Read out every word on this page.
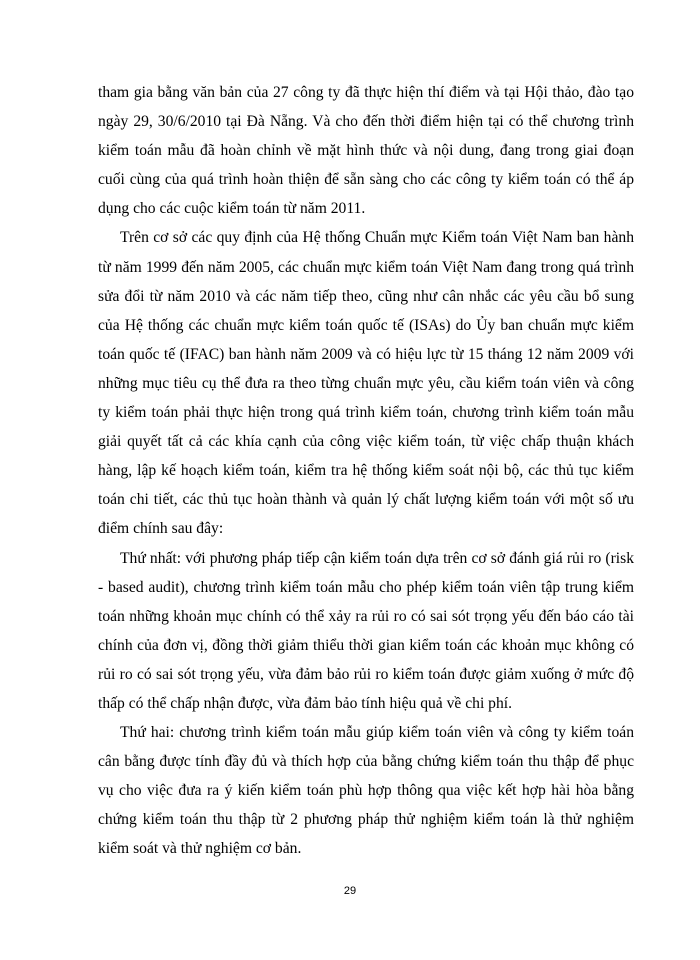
tham gia bằng văn bản của 27 công ty đã thực hiện thí điểm và tại Hội thảo, đào tạo ngày 29, 30/6/2010 tại Đà Nẵng. Và cho đến thời điểm hiện tại có thể chương trình kiểm toán mẫu đã hoàn chỉnh về mặt hình thức và nội dung, đang trong giai đoạn cuối cùng của quá trình hoàn thiện để sẵn sàng cho các công ty kiểm toán có thể áp dụng cho các cuộc kiểm toán từ năm 2011.

Trên cơ sở các quy định của Hệ thống Chuẩn mực Kiểm toán Việt Nam ban hành từ năm 1999 đến năm 2005, các chuẩn mực kiểm toán Việt Nam đang trong quá trình sửa đổi từ năm 2010 và các năm tiếp theo, cũng như cân nhắc các yêu cầu bổ sung của Hệ thống các chuẩn mực kiểm toán quốc tế (ISAs) do Ủy ban chuẩn mực kiểm toán quốc tế (IFAC) ban hành năm 2009 và có hiệu lực từ 15 tháng 12 năm 2009 với những mục tiêu cụ thể đưa ra theo từng chuẩn mực yêu, cầu kiểm toán viên và công ty kiểm toán phải thực hiện trong quá trình kiểm toán, chương trình kiểm toán mẫu giải quyết tất cả các khía cạnh của công việc kiểm toán, từ việc chấp thuận khách hàng, lập kế hoạch kiểm toán, kiểm tra hệ thống kiểm soát nội bộ, các thủ tục kiểm toán chi tiết, các thủ tục hoàn thành và quản lý chất lượng kiểm toán với một số ưu điểm chính sau đây:

Thứ nhất: với phương pháp tiếp cận kiểm toán dựa trên cơ sở đánh giá rủi ro (risk - based audit), chương trình kiểm toán mẫu cho phép kiểm toán viên tập trung kiểm toán những khoản mục chính có thể xảy ra rủi ro có sai sót trọng yếu đến báo cáo tài chính của đơn vị, đồng thời giảm thiểu thời gian kiểm toán các khoản mục không có rủi ro có sai sót trọng yếu, vừa đảm bảo rủi ro kiểm toán được giảm xuống ở mức độ thấp có thể chấp nhận được, vừa đảm bảo tính hiệu quả về chi phí.

Thứ hai: chương trình kiểm toán mẫu giúp kiểm toán viên và công ty kiểm toán cân bằng được tính đầy đủ và thích hợp của bằng chứng kiểm toán thu thập để phục vụ cho việc đưa ra ý kiến kiểm toán phù hợp thông qua việc kết hợp hài hòa bằng chứng kiểm toán thu thập từ 2 phương pháp thử nghiệm kiểm toán là thử nghiệm kiểm soát và thử nghiệm cơ bản.

29
